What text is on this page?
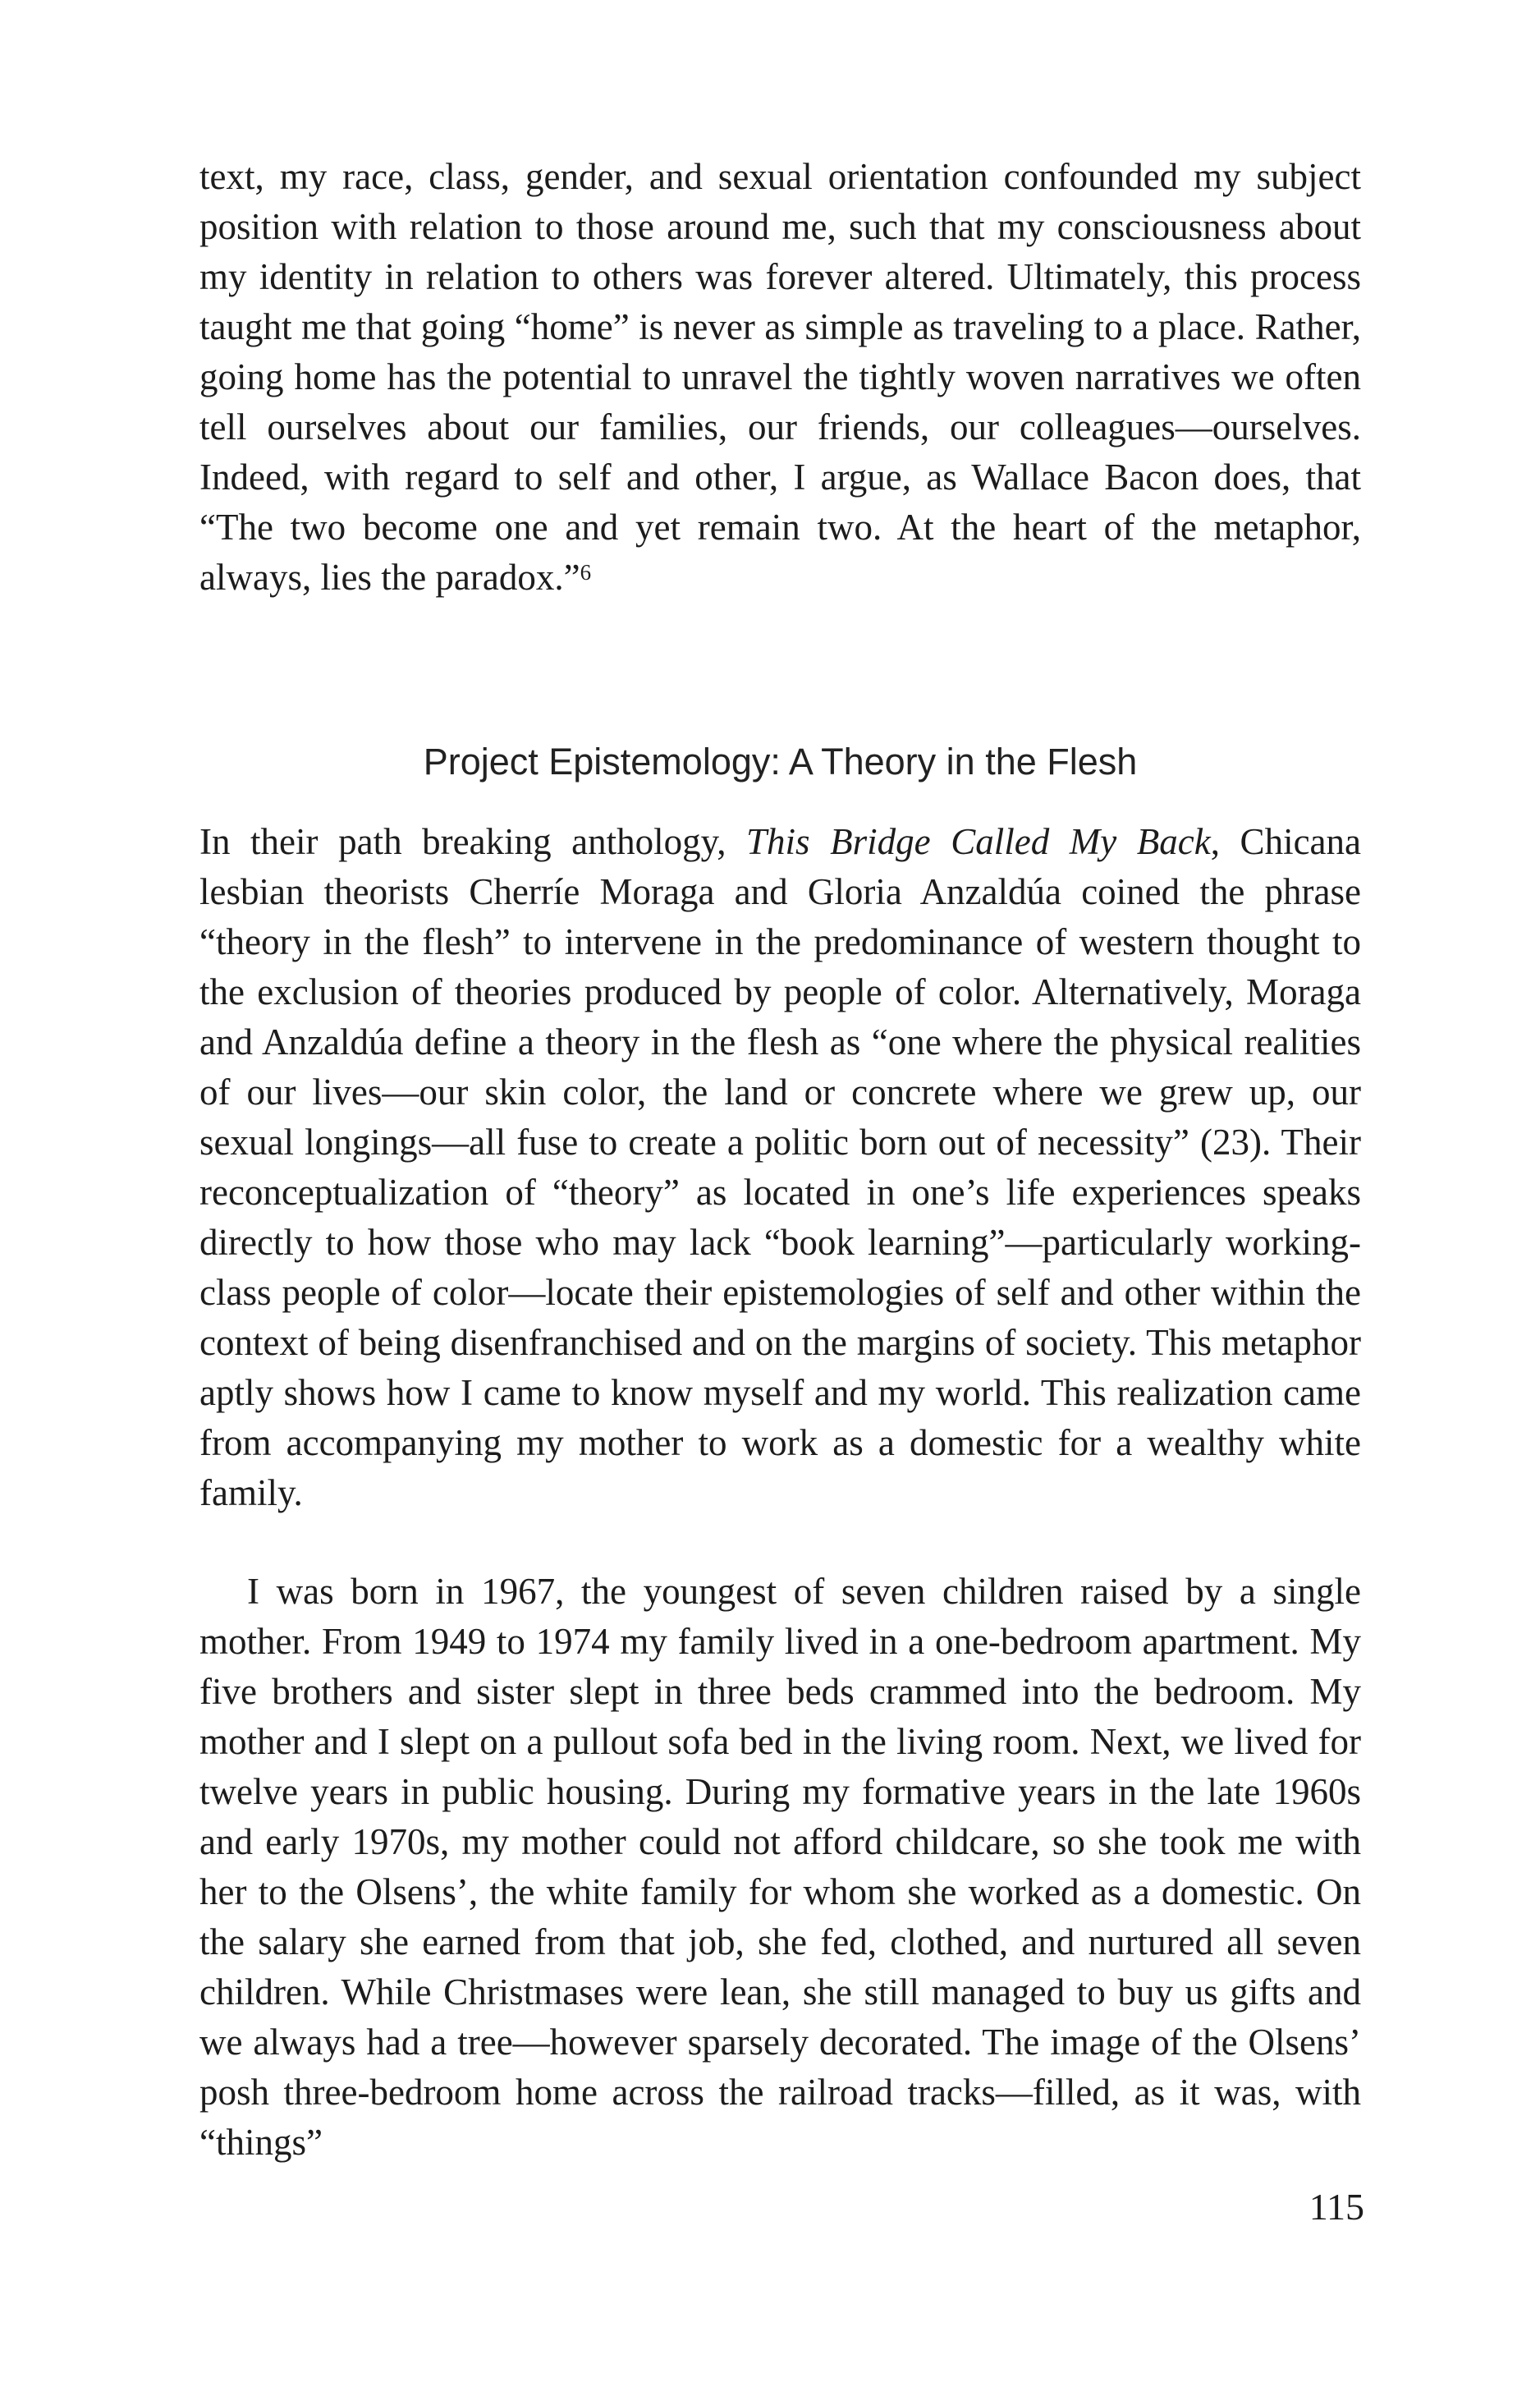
text, my race, class, gender, and sexual orientation confounded my subject position with relation to those around me, such that my consciousness about my identity in relation to others was forever altered. Ultimately, this process taught me that going “home” is never as simple as traveling to a place. Rather, going home has the potential to unravel the tightly woven narratives we often tell ourselves about our families, our friends, our colleagues—ourselves. Indeed, with regard to self and other, I argue, as Wallace Bacon does, that “The two become one and yet remain two. At the heart of the metaphor, always, lies the paradox.”$^6$

Project Epistemology: A Theory in the Flesh

In their path breaking anthology, This Bridge Called My Back, Chicana lesbian theorists Cherríe Moraga and Gloria Anzaldúa coined the phrase “theory in the flesh” to intervene in the predominance of western thought to the exclusion of theories produced by people of color. Alternatively, Moraga and Anzaldúa define a theory in the flesh as “one where the physical realities of our lives—our skin color, the land or concrete where we grew up, our sexual longings—all fuse to create a politic born out of necessity” (23). Their reconceptualization of “theory” as located in one’s life experiences speaks directly to how those who may lack “book learning”—particularly working-class people of color—locate their epistemologies of self and other within the context of being disenfranchised and on the margins of society. This metaphor aptly shows how I came to know myself and my world. This realization came from accompanying my mother to work as a domestic for a wealthy white family.

I was born in 1967, the youngest of seven children raised by a single mother. From 1949 to 1974 my family lived in a one-bedroom apartment. My five brothers and sister slept in three beds crammed into the bedroom. My mother and I slept on a pullout sofa bed in the living room. Next, we lived for twelve years in public housing. During my formative years in the late 1960s and early 1970s, my mother could not afford childcare, so she took me with her to the Olsens’, the white family for whom she worked as a domestic. On the salary she earned from that job, she fed, clothed, and nurtured all seven children. While Christmases were lean, she still managed to buy us gifts and we always had a tree—however sparsely decorated. The image of the Olsens’ posh three-bedroom home across the railroad tracks—filled, as it was, with “things”

115
